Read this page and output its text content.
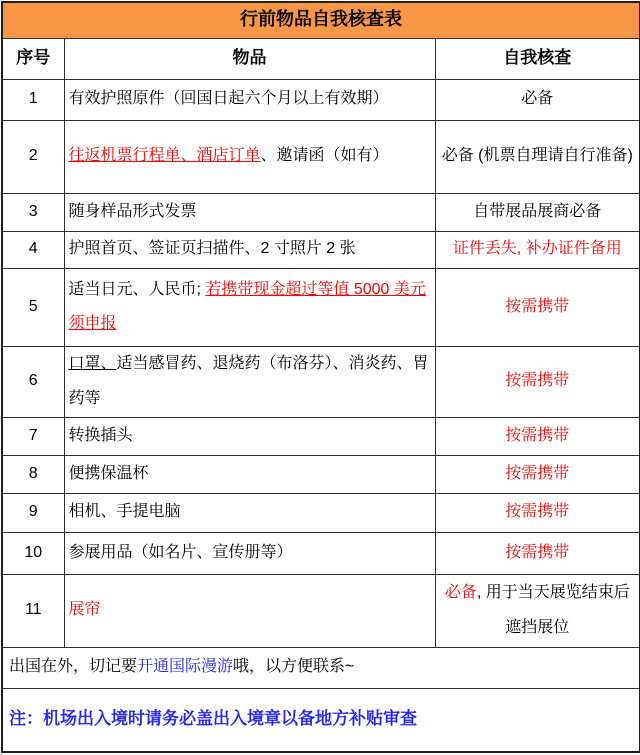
行前物品自我核查表		
序号	物品	自我核查
1	有效护照原件（回国日起六个月以上有效期）	必备
2	往返机票行程单、酒店订单、邀请函（如有）	必备 (机票自理请自行准备)
3	随身样品形式发票	自带展品展商必备
4	护照首页、签证页扫描件、2 寸照片 2 张	证件丢失, 补办证件备用
5	适当日元、人民币; 若携带现金超过等值 5000 美元须申报	按需携带
6	口罩、适当感冒药、退烧药（布洛芬）、消炎药、胃药等	按需携带
7	转换插头	按需携带
8	便携保温杯	按需携带
9	相机、手提电脑	按需携带
10	参展用品（如名片、宣传册等）	按需携带
11	展帘	必备, 用于当天展览结束后遮挡展位
出国在外，切记要开通国际漫游哦，以方便联系~		
注：机场出入境时请务必盖出入境章以备地方补贴审查		
